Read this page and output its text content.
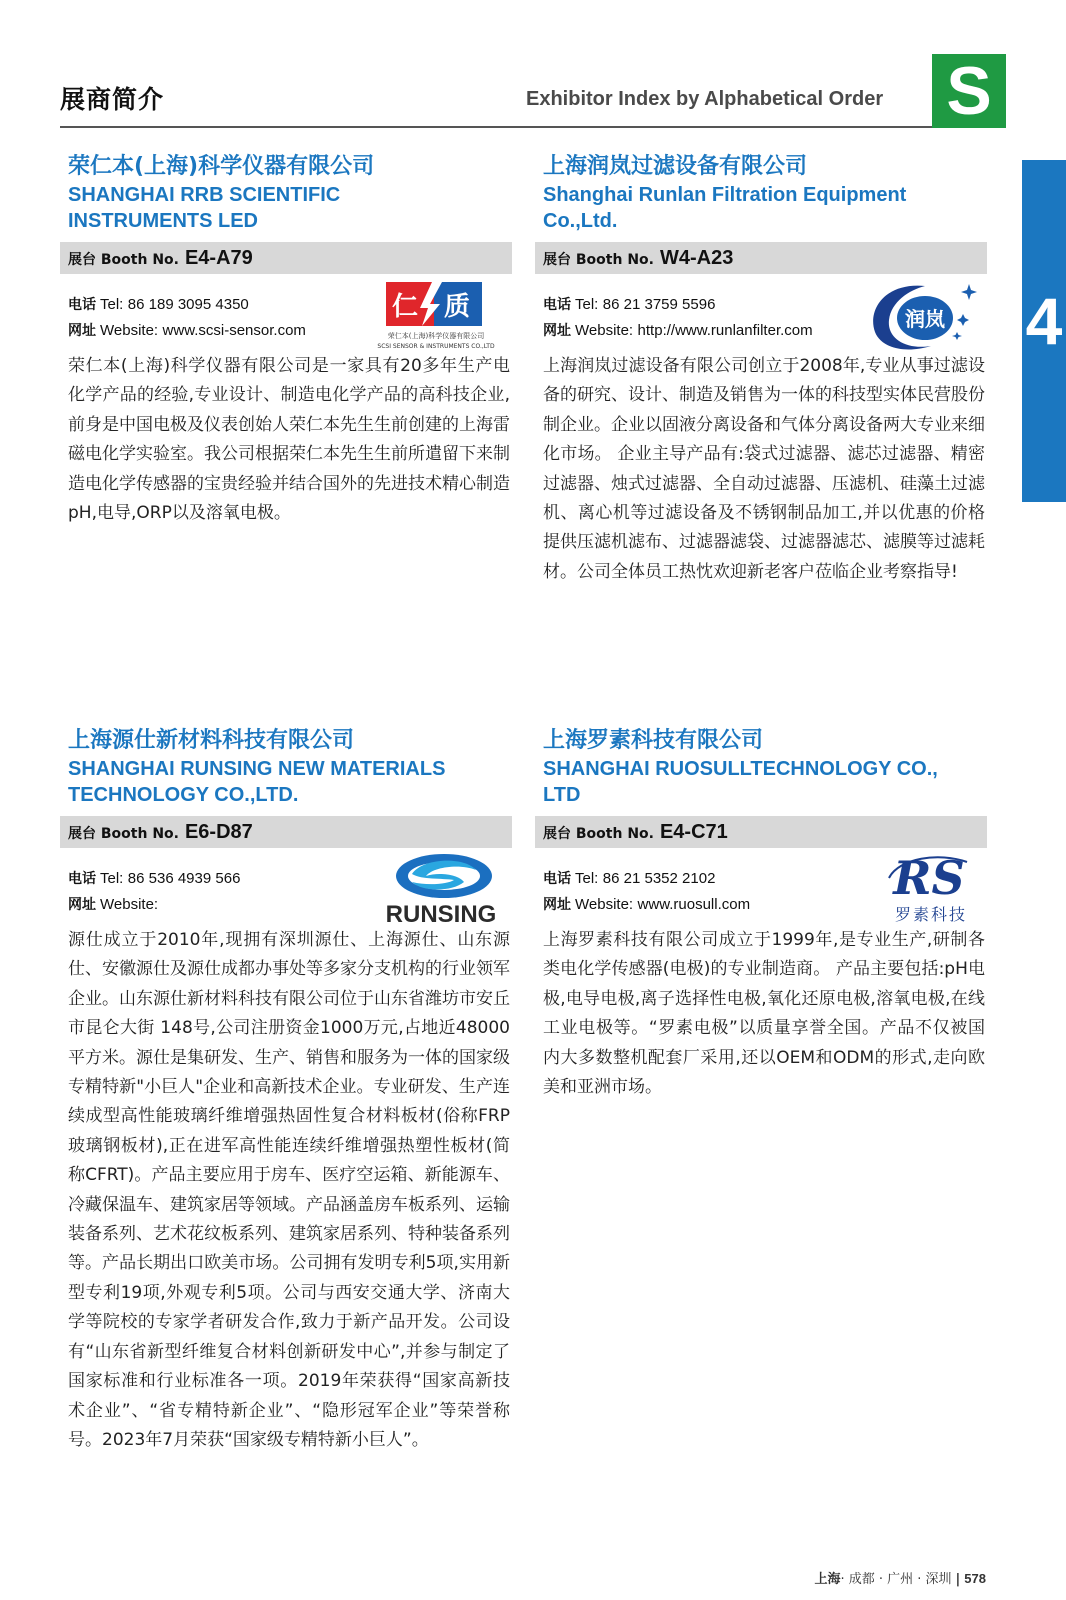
展商简介	Exhibitor Index by Alphabetical Order S
4
荣仁本(上海)科学仪器有限公司
SHANGHAI RRB SCIENTIFIC INSTRUMENTS LED
展台 Booth No. E4-A79
电话 Tel: 86 189 3095 4350
网址 Website: www.scsi-sensor.com
仁 质
荣仁本(上海)科学仪器有限公司
SCSI SENSOR & INSTRUMENTS CO.,LTD
荣仁本(上海)科学仪器有限公司是一家具有20多年生产电化学产品的经验,专业设计、制造电化学产品的高科技企业,前身是中国电极及仪表创始人荣仁本先生生前创建的上海雷磁电化学实验室。我公司根据荣仁本先生生前所遣留下来制造电化学传感器的宝贵经验并结合国外的先进技术精心制造pH,电导,ORP以及溶氧电极。
上海润岚过滤设备有限公司
Shanghai Runlan Filtration Equipment Co.,Ltd.
展台 Booth No. W4-A23
电话 Tel: 86 21 3759 5596
网址 Website: http://www.runlanfilter.com	润岚
上海润岚过滤设备有限公司创立于2008年,专业从事过滤设备的研究、设计、制造及销售为一体的科技型实体民营股份制企业。企业以固液分离设备和气体分离设备两大专业来细化市场。 企业主导产品有:袋式过滤器、滤芯过滤器、精密过滤器、烛式过滤器、全自动过滤器、压滤机、硅藻土过滤机、离心机等过滤设备及不锈钢制品加工,并以优惠的价格提供压滤机滤布、过滤器滤袋、过滤器滤芯、滤膜等过滤耗材。公司全体员工热忱欢迎新老客户莅临企业考察指导!
上海源仕新材料科技有限公司
SHANGHAI RUNSING NEW MATERIALS TECHNOLOGY CO.,LTD.
展台 Booth No. E6-D87
电话 Tel: 86 536 4939 566
网址 Website:	RUNSING
源仕成立于2010年,现拥有深圳源仕、上海源仕、山东源仕、安徽源仕及源仕成都办事处等多家分支机构的行业领军企业。山东源仕新材料科技有限公司位于山东省潍坊市安丘市昆仑大街 148号,公司注册资金1000万元,占地近48000平方米。源仕是集研发、生产、销售和服务为一体的国家级专精特新"小巨人"企业和高新技术企业。专业研发、生产连续成型高性能玻璃纤维增强热固性复合材料板材(俗称FRP玻璃钢板材),正在进军高性能连续纤维增强热塑性板材(简称CFRT)。产品主要应用于房车、医疗空运箱、新能源车、冷藏保温车、建筑家居等领域。产品涵盖房车板系列、运输装备系列、艺术花纹板系列、建筑家居系列、特种装备系列等。产品长期出口欧美市场。公司拥有发明专利5项,实用新型专利19项,外观专利5项。公司与西安交通大学、济南大学等院校的专家学者研发合作,致力于新产品开发。公司设有“山东省新型纤维复合材料创新研发中心”,并参与制定了国家标准和行业标准各一项。2019年荣获得“国家高新技术企业”、“省专精特新企业”、“隐形冠军企业”等荣誉称号。2023年7月荣获“国家级专精特新小巨人”。
上海罗素科技有限公司
SHANGHAI RUOSULLTECHNOLOGY CO., LTD
展台 Booth No. E4-C71
电话 Tel: 86 21 5352 2102
网址 Website: www.ruosull.com	RS
罗素科技
上海罗素科技有限公司成立于1999年,是专业生产,研制各类电化学传感器(电极)的专业制造商。 产品主要包括:pH电极,电导电极,离子选择性电极,氧化还原电极,溶氧电极,在线工业电极等。“罗素电极”以质量享誉全国。产品不仅被国内大多数整机配套厂采用,还以OEM和ODM的形式,走向欧美和亚洲市场。
上海· 成都 · 广州 · 深圳 | 578
